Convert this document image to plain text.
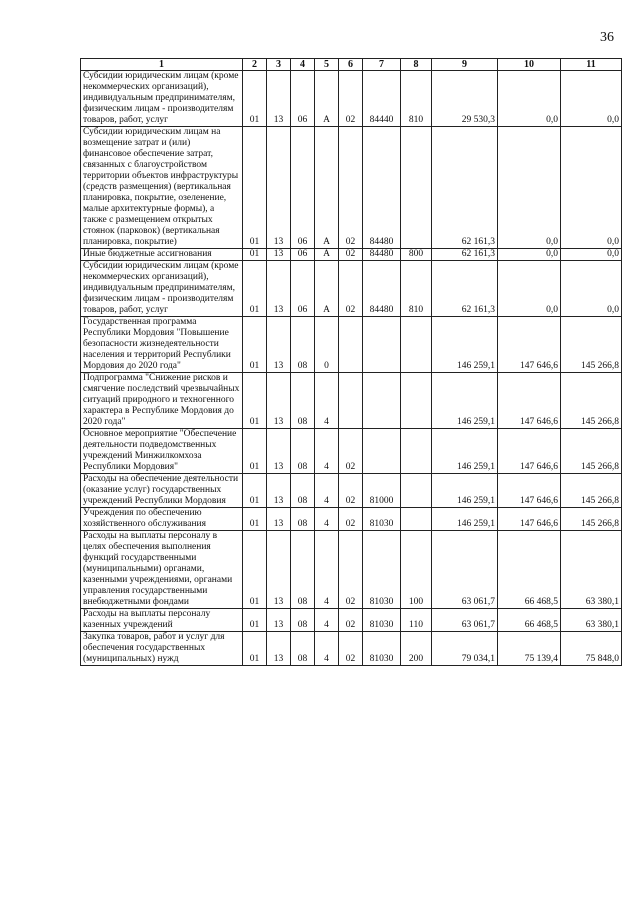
36
1	2	3	4	5	6	7	8	9	10	11
Субсидии юридическим лицам (кроме некоммерческих организаций), индивидуальным предпринимателям, физическим лицам - производителям товаров, работ, услуг	01	13	06	А	02	84440	810	29 530,3	0,0	0,0
Субсидии юридическим лицам на возмещение затрат и (или) финансовое обеспечение затрат, связанных с благоустройством территории объектов инфраструктуры (средств размещения) (вертикальная планировка, покрытие, озеленение, малые архитектурные формы), а также с размещением открытых стоянок (парковок) (вертикальная планировка, покрытие)	01	13	06	А	02	84480		62 161,3	0,0	0,0
Иные бюджетные ассигнования	01	13	06	А	02	84480	800	62 161,3	0,0	0,0
Субсидии юридическим лицам (кроме некоммерческих организаций), индивидуальным предпринимателям, физическим лицам - производителям товаров, работ, услуг	01	13	06	А	02	84480	810	62 161,3	0,0	0,0
Государственная программа Республики Мордовия "Повышение безопасности жизнедеятельности населения и территорий Республики Мордовия до 2020 года"	01	13	08	0				146 259,1	147 646,6	145 266,8
Подпрограмма "Снижение рисков и смягчение последствий чрезвычайных ситуаций природного и техногенного характера в Республике Мордовия до 2020 года"	01	13	08	4				146 259,1	147 646,6	145 266,8
Основное мероприятие "Обеспечение деятельности подведомственных учреждений Минжилкомхоза Республики Мордовия"	01	13	08	4	02			146 259,1	147 646,6	145 266,8
Расходы на обеспечение деятельности (оказание услуг) государственных учреждений Республики Мордовия	01	13	08	4	02	81000		146 259,1	147 646,6	145 266,8
Учреждения по обеспечению хозяйственного обслуживания	01	13	08	4	02	81030		146 259,1	147 646,6	145 266,8
Расходы на выплаты персоналу в целях обеспечения выполнения функций государственными (муниципальными) органами, казенными учреждениями, органами управления государственными внебюджетными фондами	01	13	08	4	02	81030	100	63 061,7	66 468,5	63 380,1
Расходы на выплаты персоналу казенных учреждений	01	13	08	4	02	81030	110	63 061,7	66 468,5	63 380,1
Закупка товаров, работ и услуг для обеспечения государственных (муниципальных) нужд	01	13	08	4	02	81030	200	79 034,1	75 139,4	75 848,0
